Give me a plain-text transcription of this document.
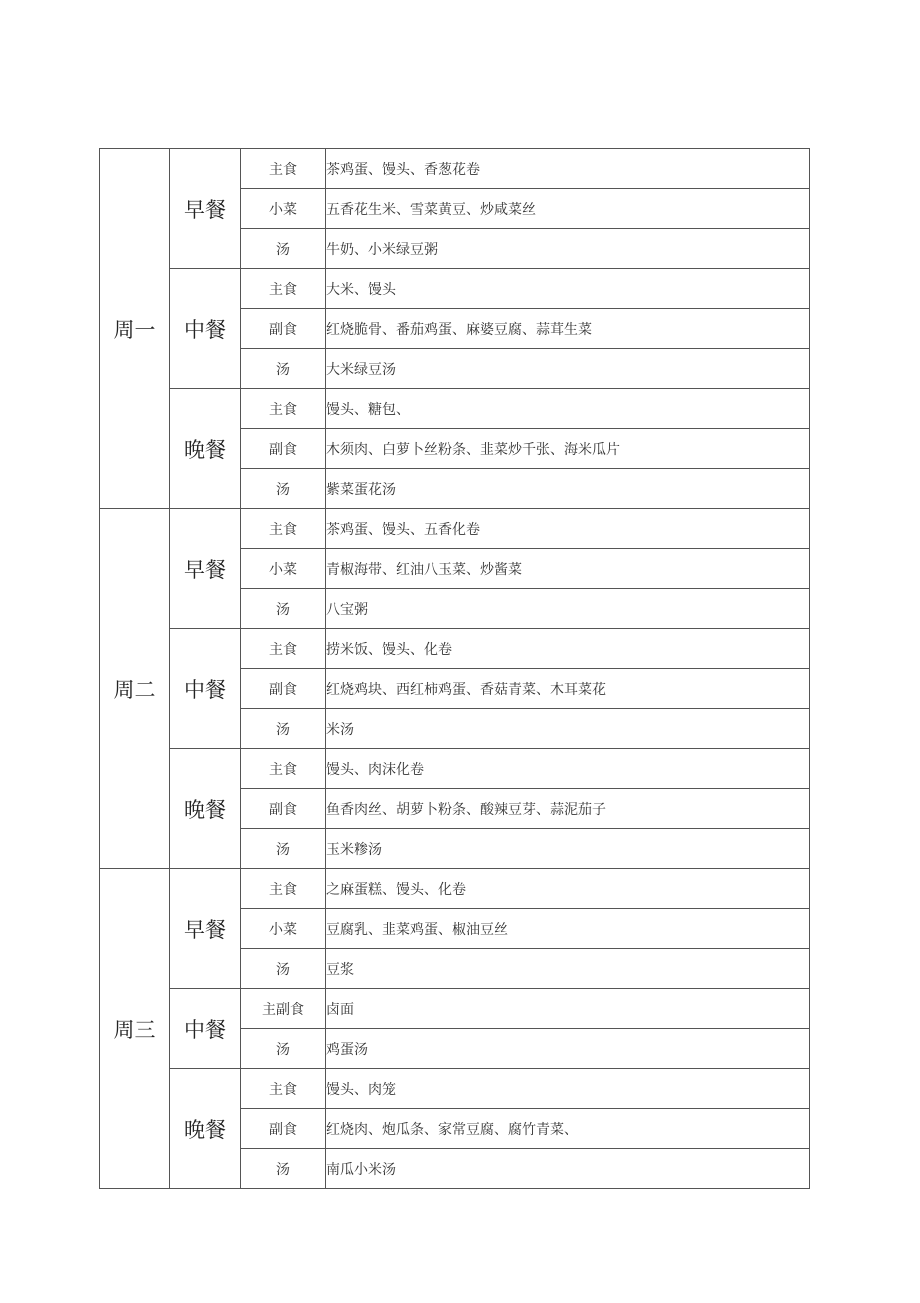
周一	早餐	主食	茶鸡蛋、馒头、香葱花卷
		小菜	五香花生米、雪菜黄豆、炒咸菜丝
		汤	牛奶、小米绿豆粥
	中餐	主食	大米、馒头
		副食	红烧脆骨、番茄鸡蛋、麻婆豆腐、蒜茸生菜
		汤	大米绿豆汤
	晚餐	主食	馒头、糖包、
		副食	木须肉、白萝卜丝粉条、韭菜炒千张、海米瓜片
		汤	紫菜蛋花汤
周二	早餐	主食	茶鸡蛋、馒头、五香化卷
		小菜	青椒海带、红油八玉菜、炒酱菜
		汤	八宝粥
	中餐	主食	捞米饭、馒头、化卷
		副食	红烧鸡块、西红柿鸡蛋、香菇青菜、木耳菜花
		汤	米汤
	晚餐	主食	馒头、肉沫化卷
		副食	鱼香肉丝、胡萝卜粉条、酸辣豆芽、蒜泥茄子
		汤	玉米糁汤
周三	早餐	主食	之麻蛋糕、馒头、化卷
		小菜	豆腐乳、韭菜鸡蛋、椒油豆丝
		汤	豆浆
	中餐	主副食	卤面
		汤	鸡蛋汤
	晚餐	主食	馒头、肉笼
		副食	红烧肉、炮瓜条、家常豆腐、腐竹青菜、
		汤	南瓜小米汤
